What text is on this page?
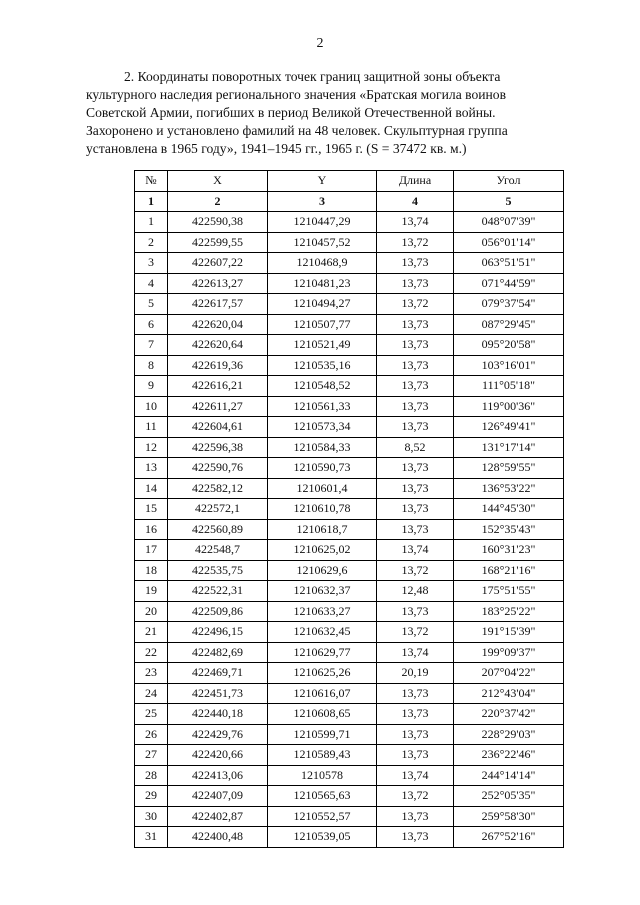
2
2. Координаты поворотных точек границ защитной зоны объекта
культурного наследия регионального значения «Братская могила воинов
Советской Армии, погибших в период Великой Отечественной войны.
Захоронено и установлено фамилий на 48 человек. Скульптурная группа
установлена в 1965 году», 1941–1945 гг., 1965 г. (S = 37472 кв. м.)
№	X	Y	Длина	Угол
1	2	3	4	5
1	422590,38	1210447,29	13,74	048°07'39"
2	422599,55	1210457,52	13,72	056°01'14"
3	422607,22	1210468,9	13,73	063°51'51"
4	422613,27	1210481,23	13,73	071°44'59"
5	422617,57	1210494,27	13,72	079°37'54"
6	422620,04	1210507,77	13,73	087°29'45"
7	422620,64	1210521,49	13,73	095°20'58"
8	422619,36	1210535,16	13,73	103°16'01"
9	422616,21	1210548,52	13,73	111°05'18"
10	422611,27	1210561,33	13,73	119°00'36"
11	422604,61	1210573,34	13,73	126°49'41"
12	422596,38	1210584,33	8,52	131°17'14"
13	422590,76	1210590,73	13,73	128°59'55"
14	422582,12	1210601,4	13,73	136°53'22"
15	422572,1	1210610,78	13,73	144°45'30"
16	422560,89	1210618,7	13,73	152°35'43"
17	422548,7	1210625,02	13,74	160°31'23"
18	422535,75	1210629,6	13,72	168°21'16"
19	422522,31	1210632,37	12,48	175°51'55"
20	422509,86	1210633,27	13,73	183°25'22"
21	422496,15	1210632,45	13,72	191°15'39"
22	422482,69	1210629,77	13,74	199°09'37"
23	422469,71	1210625,26	20,19	207°04'22"
24	422451,73	1210616,07	13,73	212°43'04"
25	422440,18	1210608,65	13,73	220°37'42"
26	422429,76	1210599,71	13,73	228°29'03"
27	422420,66	1210589,43	13,73	236°22'46"
28	422413,06	1210578	13,74	244°14'14"
29	422407,09	1210565,63	13,72	252°05'35"
30	422402,87	1210552,57	13,73	259°58'30"
31	422400,48	1210539,05	13,73	267°52'16"
